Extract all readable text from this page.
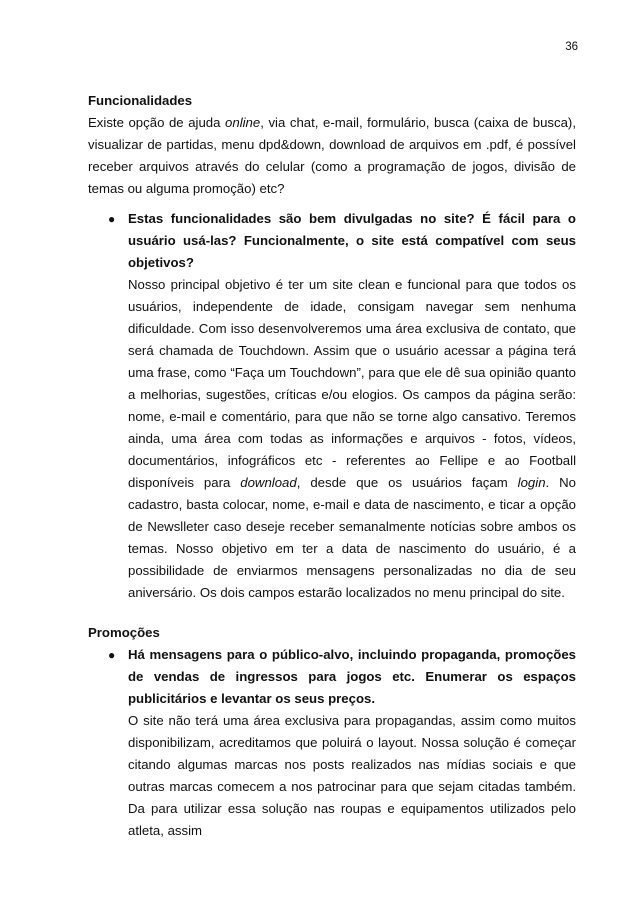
36

Funcionalidades

Existe opção de ajuda online, via chat, e-mail, formulário, busca (caixa de busca), visualizar de partidas, menu dpd&down, download de arquivos em .pdf, é possível receber arquivos através do celular (como a programação de jogos, divisão de temas ou alguma promoção) etc?

● Estas funcionalidades são bem divulgadas no site? É fácil para o usuário usá-las? Funcionalmente, o site está compatível com seus objetivos?

Nosso principal objetivo é ter um site clean e funcional para que todos os usuários, independente de idade, consigam navegar sem nenhuma dificuldade. Com isso desenvolveremos uma área exclusiva de contato, que será chamada de Touchdown. Assim que o usuário acessar a página terá uma frase, como “Faça um Touchdown”, para que ele dê sua opinião quanto a melhorias, sugestões, críticas e/ou elogios. Os campos da página serão: nome, e-mail e comentário, para que não se torne algo cansativo. Teremos ainda, uma área com todas as informações e arquivos - fotos, vídeos, documentários, infográficos etc - referentes ao Fellipe e ao Football disponíveis para download, desde que os usuários façam login. No cadastro, basta colocar, nome, e-mail e data de nascimento, e ticar a opção de Newslleter caso deseje receber semanalmente notícias sobre ambos os temas. Nosso objetivo em ter a data de nascimento do usuário, é a possibilidade de enviarmos mensagens personalizadas no dia de seu aniversário. Os dois campos estarão localizados no menu principal do site.

Promoções

● Há mensagens para o público-alvo, incluindo propaganda, promoções de vendas de ingressos para jogos etc. Enumerar os espaços publicitários e levantar os seus preços.

O site não terá uma área exclusiva para propagandas, assim como muitos disponibilizam, acreditamos que poluirá o layout. Nossa solução é começar citando algumas marcas nos posts realizados nas mídias sociais e que outras marcas comecem a nos patrocinar para que sejam citadas também. Da para utilizar essa solução nas roupas e equipamentos utilizados pelo atleta, assim
